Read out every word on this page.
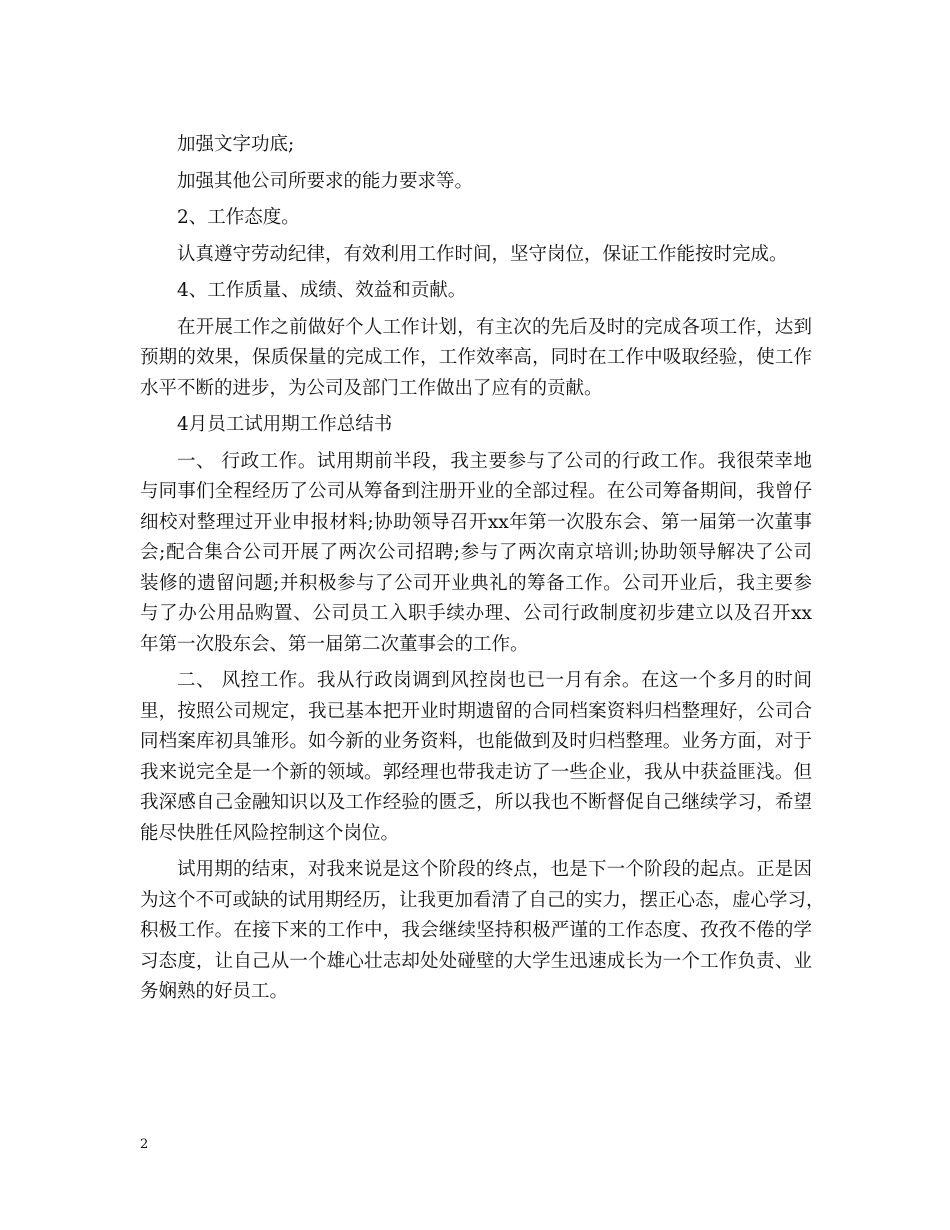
加强文字功底;
加强其他公司所要求的能力要求等。
2、工作态度。
认真遵守劳动纪律，有效利用工作时间，坚守岗位，保证工作能按时完成。
4、工作质量、成绩、效益和贡献。
在开展工作之前做好个人工作计划，有主次的先后及时的完成各项工作，达到
预期的效果，保质保量的完成工作，工作效率高，同时在工作中吸取经验，使工作
水平不断的进步，为公司及部门工作做出了应有的贡献。
4月员工试用期工作总结书
一、 行政工作。试用期前半段，我主要参与了公司的行政工作。我很荣幸地
与同事们全程经历了公司从筹备到注册开业的全部过程。在公司筹备期间，我曾仔
细校对整理过开业申报材料;协助领导召开xx年第一次股东会、第一届第一次董事
会;配合集合公司开展了两次公司招聘;参与了两次南京培训;协助领导解决了公司
装修的遗留问题;并积极参与了公司开业典礼的筹备工作。公司开业后，我主要参
与了办公用品购置、公司员工入职手续办理、公司行政制度初步建立以及召开xx
年第一次股东会、第一届第二次董事会的工作。
二、 风控工作。我从行政岗调到风控岗也已一月有余。在这一个多月的时间
里，按照公司规定，我已基本把开业时期遗留的合同档案资料归档整理好，公司合
同档案库初具雏形。如今新的业务资料，也能做到及时归档整理。业务方面，对于
我来说完全是一个新的领域。郭经理也带我走访了一些企业，我从中获益匪浅。但
我深感自己金融知识以及工作经验的匮乏，所以我也不断督促自己继续学习，希望
能尽快胜任风险控制这个岗位。
试用期的结束，对我来说是这个阶段的终点，也是下一个阶段的起点。正是因
为这个不可或缺的试用期经历，让我更加看清了自己的实力，摆正心态，虚心学习，
积极工作。在接下来的工作中，我会继续坚持积极严谨的工作态度、孜孜不倦的学
习态度，让自己从一个雄心壮志却处处碰壁的大学生迅速成长为一个工作负责、业
务娴熟的好员工。
2
